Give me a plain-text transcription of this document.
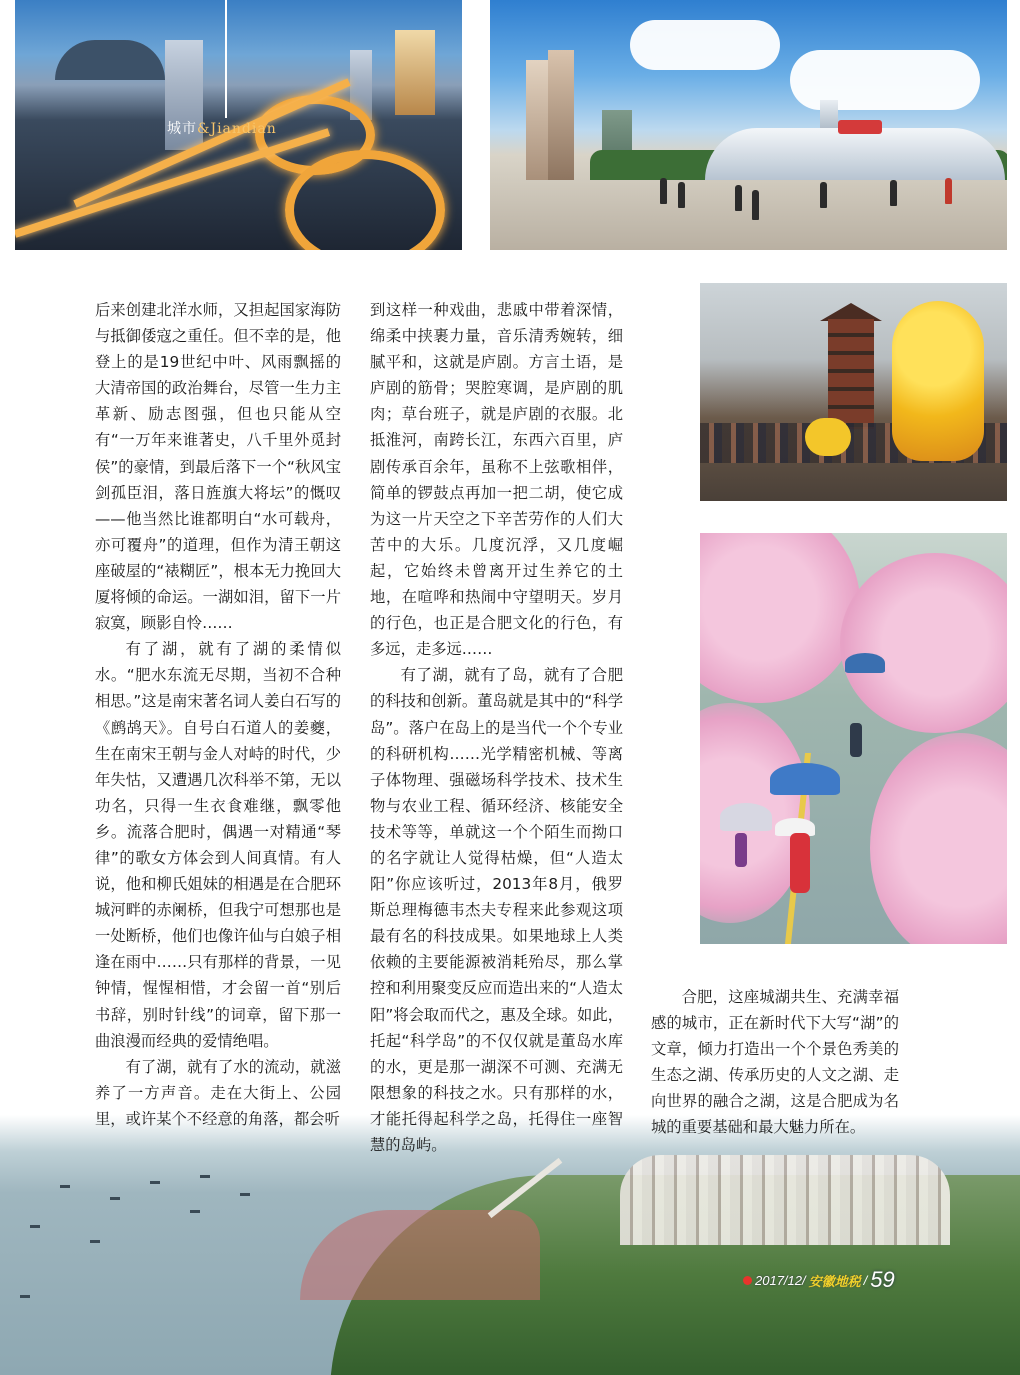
城市&Jiandian

后来创建北洋水师，又担起国家海防与抵御倭寇之重任。但不幸的是，他登上的是19世纪中叶、风雨飘摇的大清帝国的政治舞台，尽管一生力主革新、励志图强，但也只能从空有“一万年来谁著史，八千里外觅封侯”的豪情，到最后落下一个“秋风宝剑孤臣泪，落日旌旗大将坛”的慨叹——他当然比谁都明白“水可载舟，亦可覆舟”的道理，但作为清王朝这座破屋的“裱糊匠”，根本无力挽回大厦将倾的命运。一湖如泪，留下一片寂寞，顾影自怜……

有了湖，就有了湖的柔情似水。“肥水东流无尽期，当初不合种相思。”这是南宋著名词人姜白石写的《鹧鸪天》。自号白石道人的姜夔，生在南宋王朝与金人对峙的时代，少年失怙，又遭遇几次科举不第，无以功名，只得一生衣食难继，飘零他乡。流落合肥时，偶遇一对精通“琴律”的歌女方体会到人间真情。有人说，他和柳氏姐妹的相遇是在合肥环城河畔的赤阑桥，但我宁可想那也是一处断桥，他们也像许仙与白娘子相逢在雨中……只有那样的背景，一见钟情，惺惺相惜，才会留一首“别后书辞，别时针线”的词章，留下那一曲浪漫而经典的爱情绝唱。

有了湖，就有了水的流动，就滋养了一方声音。走在大街上、公园里，或许某个不经意的角落，都会听

到这样一种戏曲，悲戚中带着深情，绵柔中挟裹力量，音乐清秀婉转，细腻平和，这就是庐剧。方言土语，是庐剧的筋骨；哭腔寒调，是庐剧的肌肉；草台班子，就是庐剧的衣服。北抵淮河，南跨长江，东西六百里，庐剧传承百余年，虽称不上弦歌相伴，简单的锣鼓点再加一把二胡，使它成为这一片天空之下辛苦劳作的人们大苦中的大乐。几度沉浮，又几度崛起，它始终未曾离开过生养它的土地，在喧哗和热闹中守望明天。岁月的行色，也正是合肥文化的行色，有多远，走多远……

有了湖，就有了岛，就有了合肥的科技和创新。董岛就是其中的“科学岛”。落户在岛上的是当代一个个专业的科研机构……光学精密机械、等离子体物理、强磁场科学技术、技术生物与农业工程、循环经济、核能安全技术等等，单就这一个个陌生而拗口的名字就让人觉得枯燥，但“人造太阳”你应该听过，2013年8月，俄罗斯总理梅德韦杰夫专程来此参观这项最有名的科技成果。如果地球上人类依赖的主要能源被消耗殆尽，那么掌控和利用聚变反应而造出来的“人造太阳”将会取而代之，惠及全球。如此，托起“科学岛”的不仅仅就是董岛水库的水，更是那一湖深不可测、充满无限想象的科技之水。只有那样的水，才能托得起科学之岛，托得住一座智慧的岛屿。

合肥，这座城湖共生、充满幸福感的城市，正在新时代下大写“湖”的文章，倾力打造出一个个景色秀美的生态之湖、传承历史的人文之湖、走向世界的融合之湖，这是合肥成为名城的重要基础和最大魅力所在。

2017/12/ 安徽地税 / 59
